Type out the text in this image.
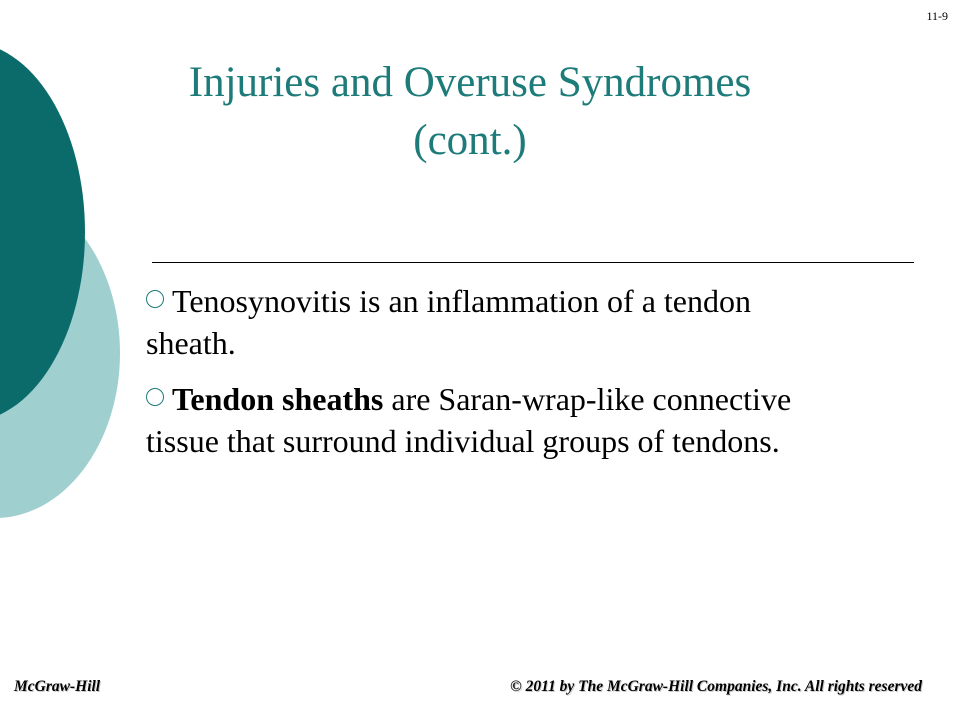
11-9
Injuries and Overuse Syndromes
(cont.)
Tenosynovitis is an inflammation of a tendon sheath.
Tendon sheaths are Saran-wrap-like connective tissue that surround individual groups of tendons.
McGraw-Hill	© 2011 by The McGraw-Hill Companies, Inc. All rights reserved
